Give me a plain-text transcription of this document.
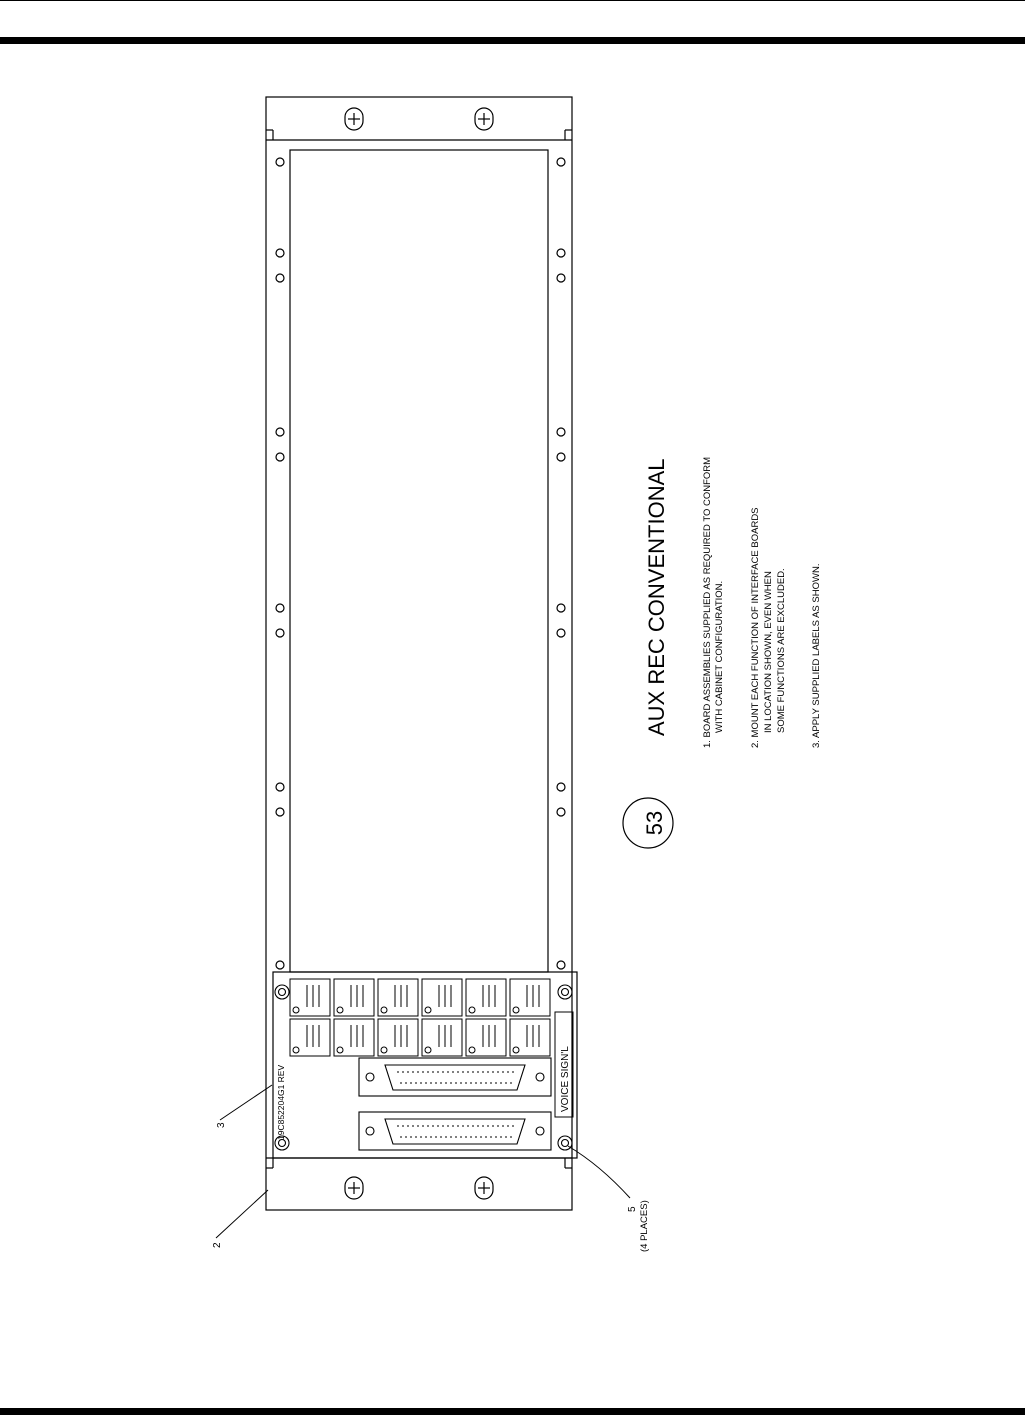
53
AUX REC CONVENTIONAL	1. BOARD ASSEMBLIES SUPPLIED AS REQUIRED TO CONFORM WITH CABINET CONFIGURATION.	2. MOUNT EACH FUNCTION OF INTERFACE BOARDS IN LOCATION SHOWN, EVEN WHEN SOME FUNCTIONS ARE EXCLUDED.	3. APPLY SUPPLIED LABELS AS SHOWN.
19C852204G1 REV	VOICE SIGN'L
2
3
5 (4 PLACES)
